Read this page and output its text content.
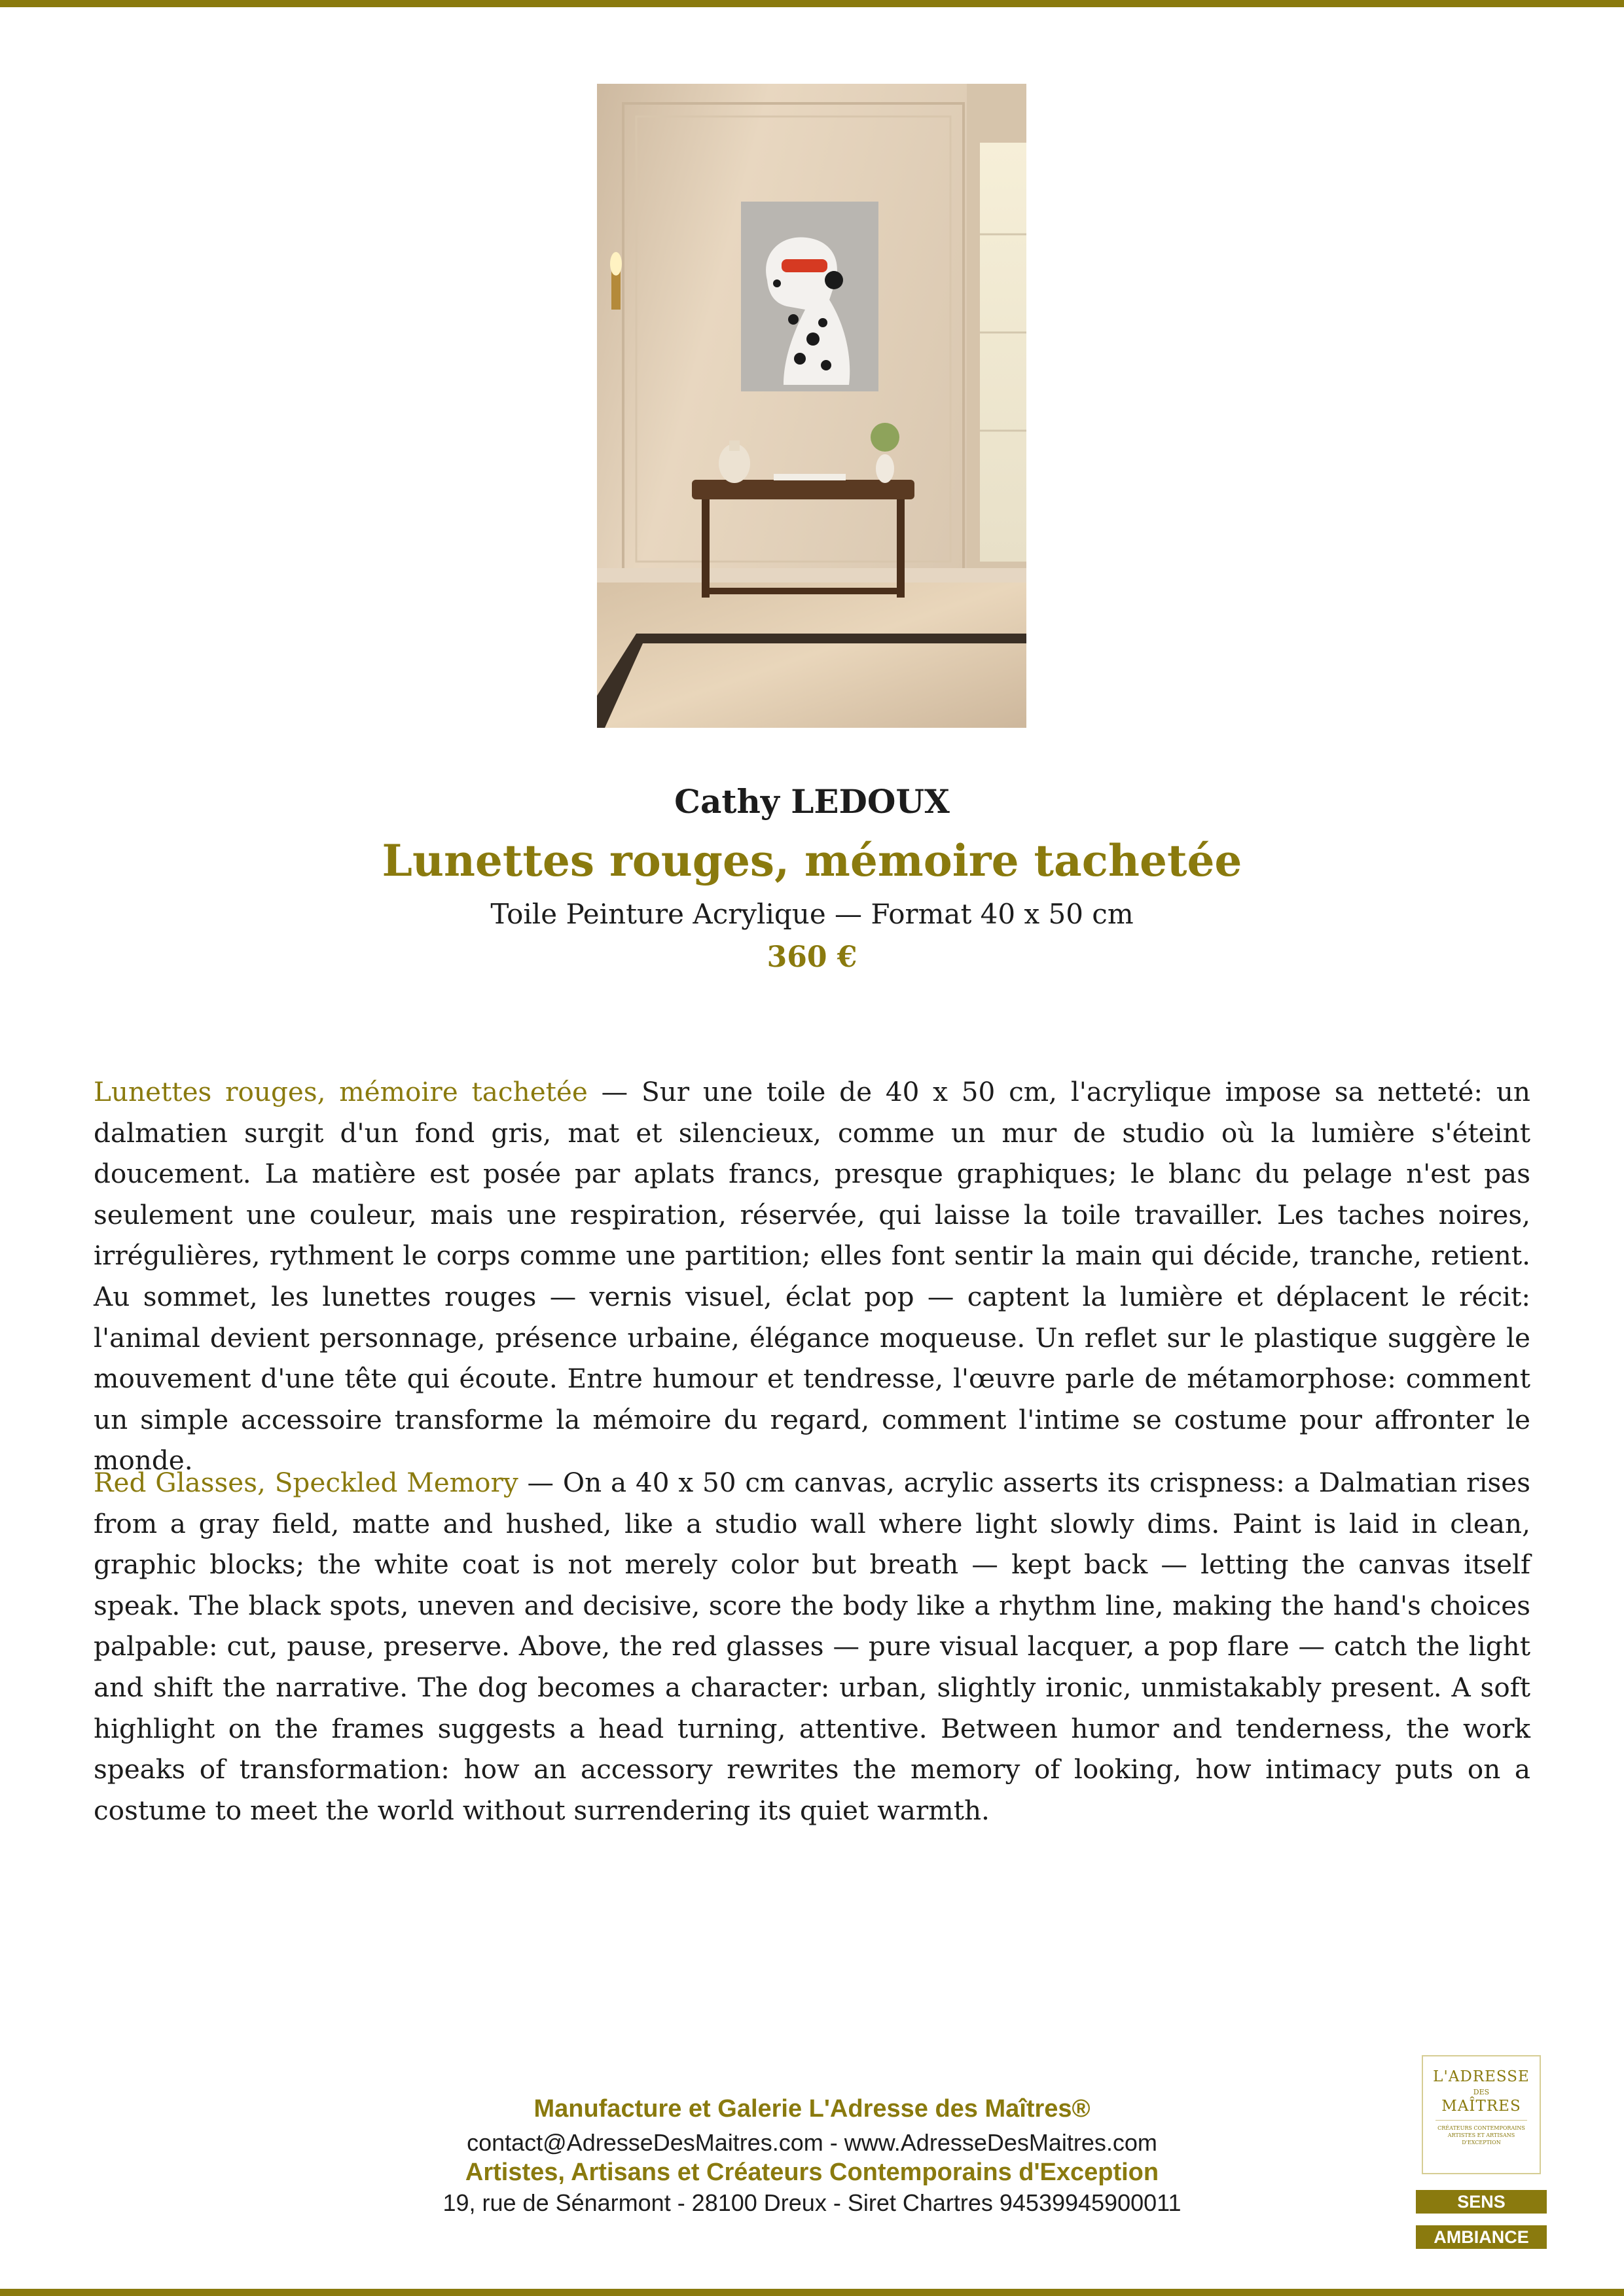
Cathy LEDOUX
Lunettes rouges, mémoire tachetée
Toile Peinture Acrylique — Format 40 x 50 cm
360 €

Lunettes rouges, mémoire tachetée — Sur une toile de 40 x 50 cm, l'acrylique impose sa netteté: un dalmatien surgit d'un fond gris, mat et silencieux, comme un mur de studio où la lumière s'éteint doucement. La matière est posée par aplats francs, presque graphiques; le blanc du pelage n'est pas seulement une couleur, mais une respiration, réservée, qui laisse la toile travailler. Les taches noires, irrégulières, rythment le corps comme une partition; elles font sentir la main qui décide, tranche, retient. Au sommet, les lunettes rouges — vernis visuel, éclat pop — captent la lumière et déplacent le récit: l'animal devient personnage, présence urbaine, élégance moqueuse. Un reflet sur le plastique suggère le mouvement d'une tête qui écoute. Entre humour et tendresse, l'œuvre parle de métamorphose: comment un simple accessoire transforme la mémoire du regard, comment l'intime se costume pour affronter le monde.

Red Glasses, Speckled Memory — On a 40 x 50 cm canvas, acrylic asserts its crispness: a Dalmatian rises from a gray field, matte and hushed, like a studio wall where light slowly dims. Paint is laid in clean, graphic blocks; the white coat is not merely color but breath — kept back — letting the canvas itself speak. The black spots, uneven and decisive, score the body like a rhythm line, making the hand's choices palpable: cut, pause, preserve. Above, the red glasses — pure visual lacquer, a pop flare — catch the light and shift the narrative. The dog becomes a character: urban, slightly ironic, unmistakably present. A soft highlight on the frames suggests a head turning, attentive. Between humor and tenderness, the work speaks of transformation: how an accessory rewrites the memory of looking, how intimacy puts on a costume to meet the world without surrendering its quiet warmth.

Manufacture et Galerie L'Adresse des Maîtres®
contact@AdresseDesMaitres.com - www.AdresseDesMaitres.com
Artistes, Artisans et Créateurs Contemporains d'Exception
19, rue de Sénarmont - 28100 Dreux - Siret Chartres 94539945900011
L'ADRESSE
DES
MAÎTRES
CRÉATEURS CONTEMPORAINS ARTISTES ET ARTISANS D'EXCEPTION
SENS
AMBIANCE
